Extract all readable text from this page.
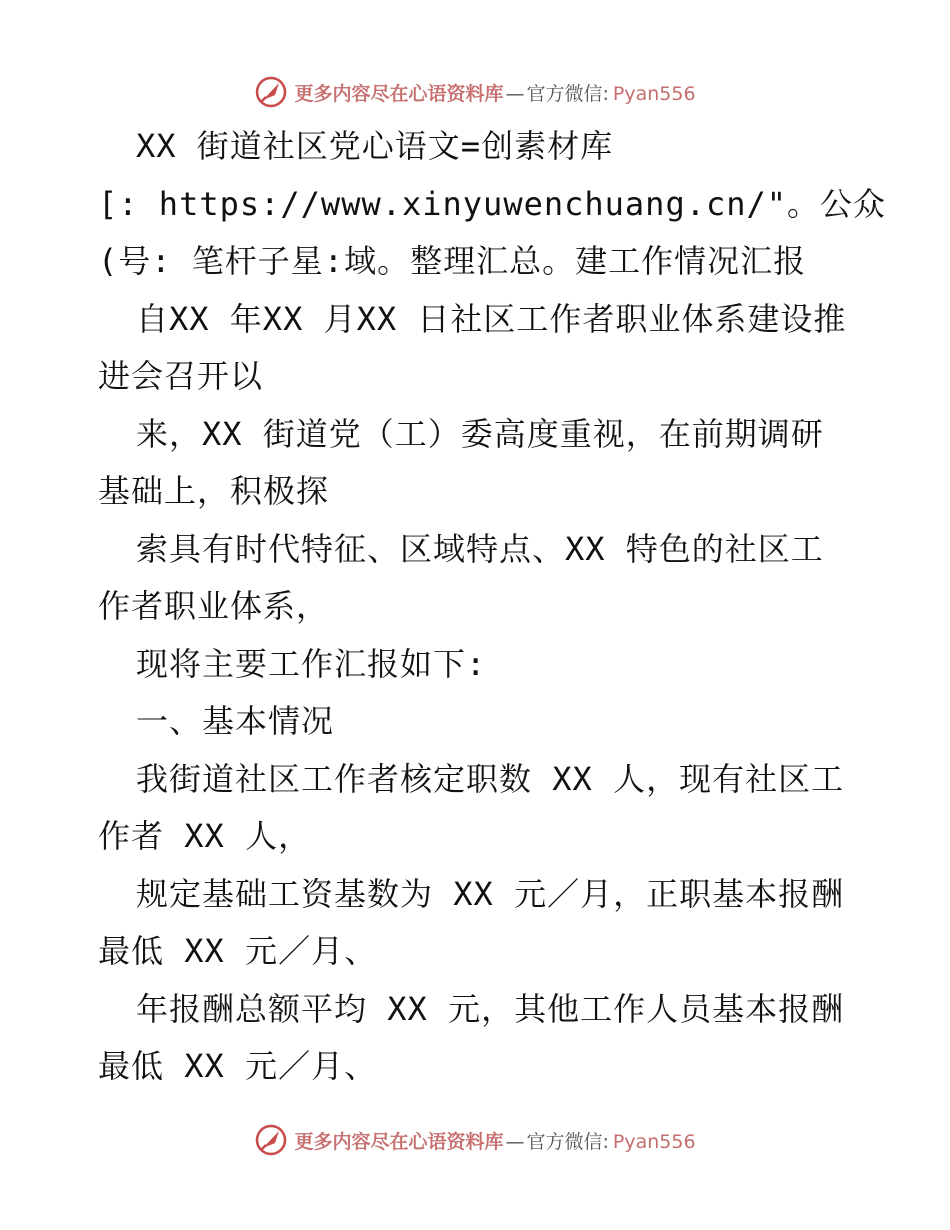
更多内容尽在心语资料库 — 官方微信: Pyan556

XX 街道社区党心语文=创素材库

[: https://www.xinyuwenchuang.cn/"。公众

(号: 笔杆子星:域。整理汇总。建工作情况汇报

自XX 年XX 月XX 日社区工作者职业体系建设推

进会召开以

来，XX 街道党（工）委高度重视，在前期调研

基础上，积极探

索具有时代特征、区域特点、XX 特色的社区工

作者职业体系，

现将主要工作汇报如下:

一、基本情况

我街道社区工作者核定职数 XX 人，现有社区工

作者 XX 人，

规定基础工资基数为 XX 元／月，正职基本报酬

最低 XX 元／月、

年报酬总额平均 XX 元，其他工作人员基本报酬

最低 XX 元／月、

更多内容尽在心语资料库 — 官方微信: Pyan556
